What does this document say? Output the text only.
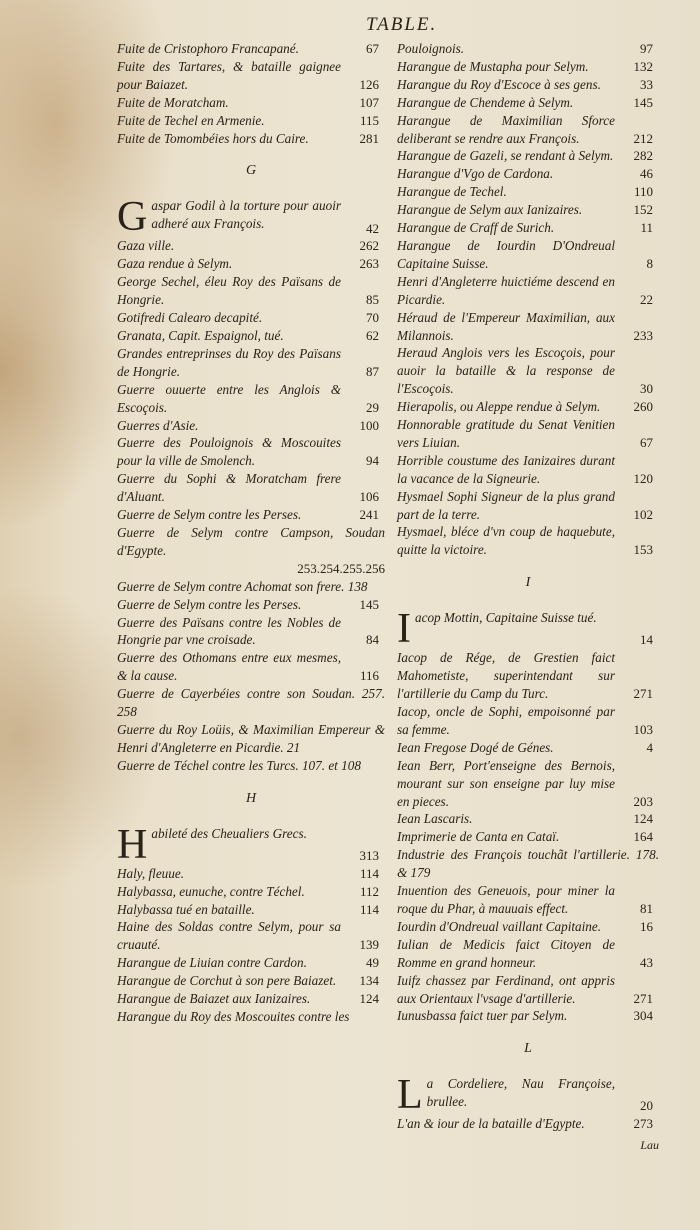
TABLE.
Fuite de Cristophoro Francapané.	67
Fuite des Tartares, & bataille gaignee pour Baiazet.	126
Fuite de Moratcham.	107
Fuite de Techel en Armenie.	115
Fuite de Tomombéies hors du Caire.	281
G
Gaspar Godil à la torture pour auoir adheré aux François.	42
Gaza ville.	262
Gaza rendue à Selym.	263
George Sechel, éleu Roy des Païsans de Hongrie.	85
Gotifredi Calearo decapité.	70
Granata, Capit. Espaignol, tué.	62
Grandes entreprinses du Roy des Païsans de Hongrie.	87
Guerre ouuerte entre les Anglois & Escoçois.	29
Guerres d'Asie.	100
Guerre des Pouloignois & Moscouites pour la ville de Smolench.	94
Guerre du Sophi & Moratcham frere d'Aluant.	106
Guerre de Selym contre les Perses.	241
Guerre de Selym contre Campson, Soudan d'Egypte.
253.254.255.256
Guerre de Selym contre Achomat son frere. 138
Guerre de Selym contre les Perses.	145
Guerre des Païsans contre les Nobles de Hongrie par vne croisade.	84
Guerre des Othomans entre eux mesmes, & la cause.	116
Guerre de Cayerbéies contre son Soudan. 257. 258
Guerre du Roy Loüis, & Maximilian Empereur & Henri d'Angleterre en Picardie. 21
Guerre de Téchel contre les Turcs. 107. et 108
H
Habileté des Cheualiers Grecs.
313
Haly, fleuue.	114
Halybassa, eunuche, contre Téchel.	112
Halybassa tué en bataille.	114
Haine des Soldas contre Selym, pour sa cruauté.	139
Harangue de Liuian contre Cardon.	49
Harangue de Corchut à son pere Baiazet.	134
Harangue de Baiazet aux Ianizaires.	124
Harangue du Roy des Moscouites contre les
Pouloignois.	97
Harangue de Mustapha pour Selym.	132
Harangue du Roy d'Escoce à ses gens.	33
Harangue de Chendeme à Selym.	145
Harangue de Maximilian Sforce deliberant se rendre aux François.	212
Harangue de Gazeli, se rendant à Selym.	282
Harangue d'Vgo de Cardona.	46
Harangue de Techel.	110
Harangue de Selym aux Ianizaires.	152
Harangue de Craff de Surich.	11
Harangue de Iourdin D'Ondreual Capitaine Suisse.	8
Henri d'Angleterre huictiéme descend en Picardie.	22
Héraud de l'Empereur Maximilian, aux Milannois.	233
Heraud Anglois vers les Escoçois, pour auoir la bataille & la response de l'Escoçois.	30
Hierapolis, ou Aleppe rendue à Selym.	260
Honnorable gratitude du Senat Venitien vers Liuian.	67
Horrible coustume des Ianizaires durant la vacance de la Signeurie.	120
Hysmael Sophi Signeur de la plus grand part de la terre.	102
Hysmael, bléce d'vn coup de haquebute, quitte la victoire.	153
I
Iacop Mottin, Capitaine Suisse tué.
14
Iacop de Rége, de Grestien faict Mahometiste, superintendant sur l'artillerie du Camp du Turc.	271
Iacop, oncle de Sophi, empoisonné par sa femme.	103
Iean Fregose Dogé de Génes.	4
Iean Berr, Port'enseigne des Bernois, mourant sur son enseigne par luy mise en pieces.	203
Iean Lascaris.	124
Imprimerie de Canta en Cataï.	164
Industrie des François touchãt l'artillerie. 178. & 179
Inuention des Geneuois, pour miner la roque du Phar, à mauuais effect.	81
Iourdin d'Ondreual vaillant Capitaine.	16
Iulian de Medicis faict Citoyen de Romme en grand honneur.	43
Iuifz chassez par Ferdinand, ont appris aux Orientaux l'vsage d'artillerie.	271
Iunusbassa faict tuer par Selym.	304
L
La Cordeliere, Nau Françoise, brullee.	20
L'an & iour de la bataille d'Egypte.	273
Lau
